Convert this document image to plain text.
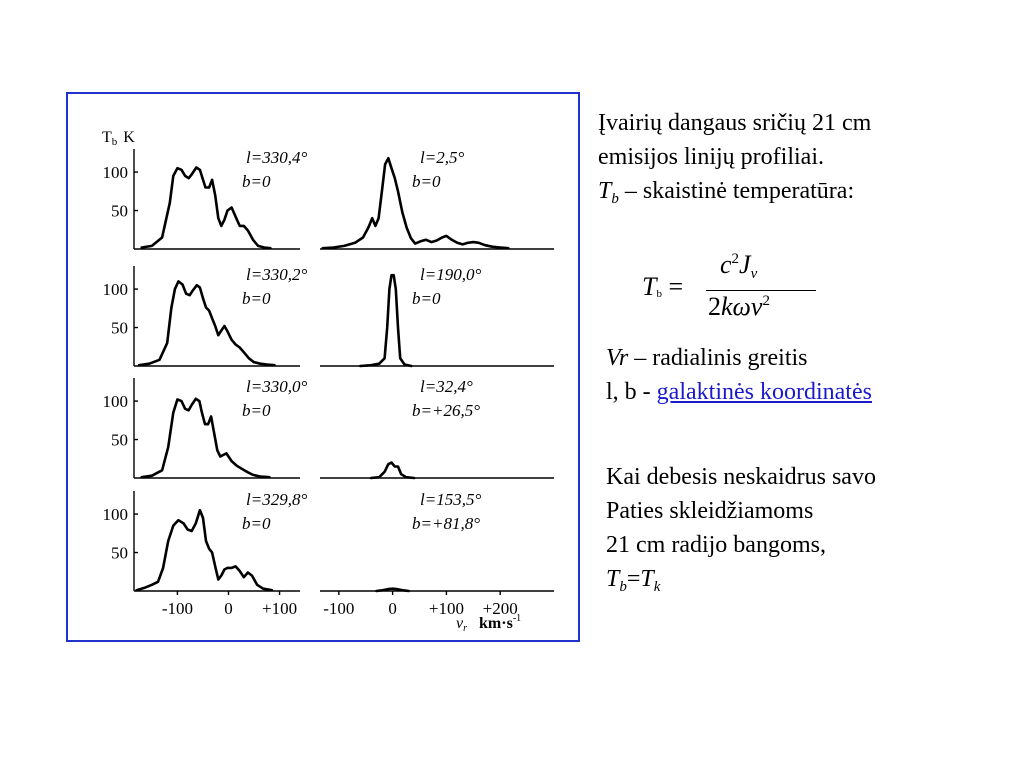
100
50
l=330,4°
b=0
l=2,5°
b=0
100
50
l=330,2°
b=0
l=190,0°
b=0
100
50
l=330,0°
b=0
l=32,4°
b=+26,5°
100
50
l=329,8°
b=0
-100 0 +100
l=153,5°
b=+81,8°
-100 0 +100 +200
Tb K
vr $km\cdot s^{-1}$
Įvairių dangaus sričių 21 cm
emisijos linijų profiliai.
$T_b$ – skaistinė temperatūra:
Tb =
$c^2J_\nu$
2kων$^2$
Vr – radialinis greitis
l, b - galaktinės koordinatės
Kai debesis neskaidrus savo
Paties skleidžiamoms
21 cm radijo bangoms,
$T_b=T_k$
